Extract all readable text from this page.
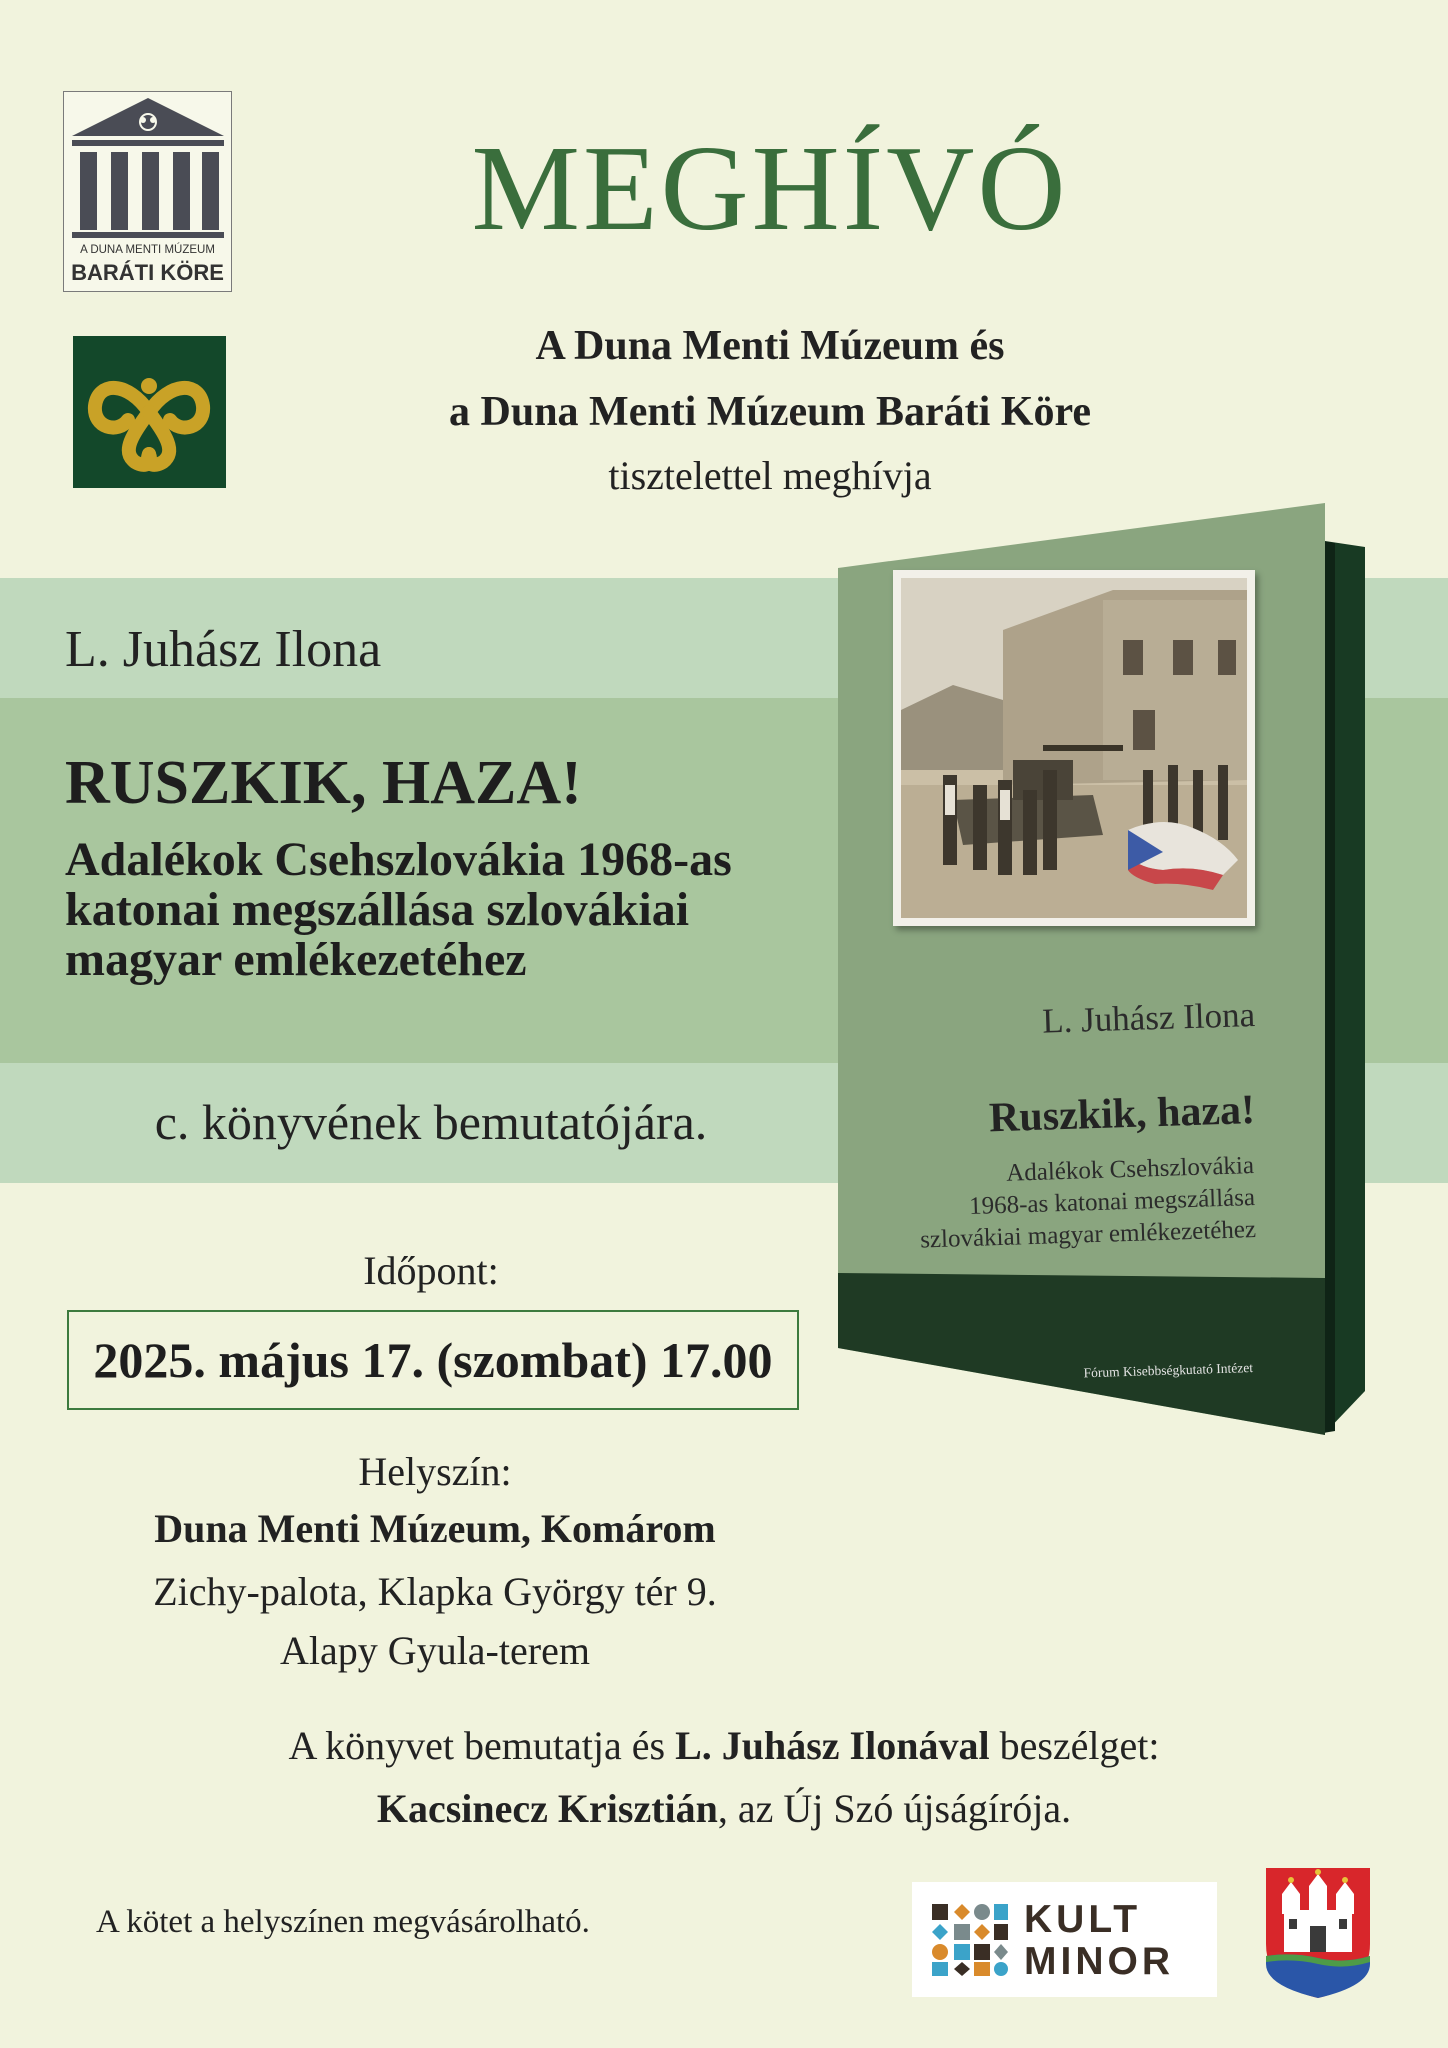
A DUNA MENTI MÚZEUM
BARÁTI KÖRE
MEGHÍVÓ
A Duna Menti Múzeum és
a Duna Menti Múzeum Baráti Köre
tisztelettel meghívja
L. Juhász Ilona
RUSZKIK, HAZA!
Adalékok Csehszlovákia 1968-as
katonai megszállása szlovákiai
magyar emlékezetéhez
c. könyvének bemutatójára.
L. Juhász Ilona
Ruszkik, haza!
Adalékok Csehszlovákia
1968-as katonai megszállása
szlovákiai magyar emlékezetéhez
Fórum Kisebbségkutató Intézet
Időpont:
2025. május 17. (szombat) 17.00
Helyszín:
Duna Menti Múzeum, Komárom
Zichy-palota, Klapka György tér 9.
Alapy Gyula-terem
A könyvet bemutatja és L. Juhász Ilonával beszélget:
Kacsinecz Krisztián, az Új Szó újságírója.
A kötet a helyszínen megvásárolható.	KULT
MINOR
